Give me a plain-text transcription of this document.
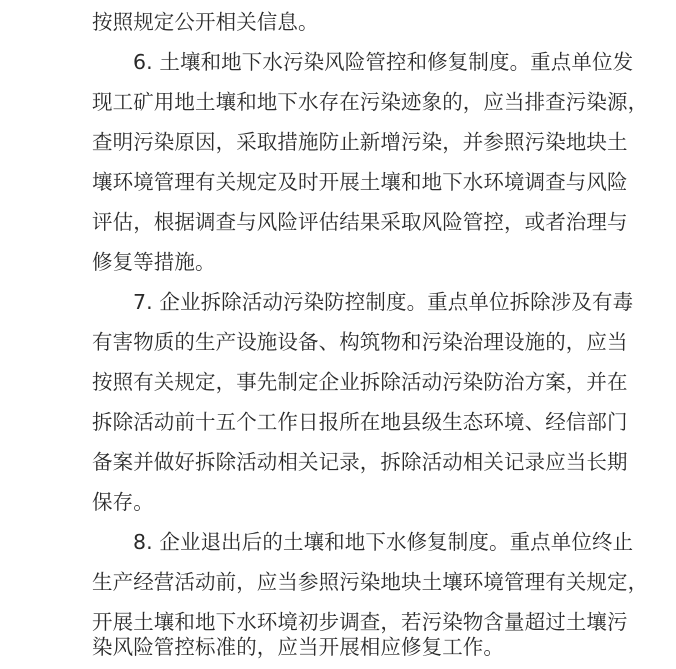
按照规定公开相关信息。
6. 土壤和地下水污染风险管控和修复制度。重点单位发
现工矿用地土壤和地下水存在污染迹象的，应当排查污染源，
查明污染原因，采取措施防止新增污染，并参照污染地块土
壤环境管理有关规定及时开展土壤和地下水环境调查与风险
评估，根据调查与风险评估结果采取风险管控，或者治理与
修复等措施。
7. 企业拆除活动污染防控制度。重点单位拆除涉及有毒
有害物质的生产设施设备、构筑物和污染治理设施的，应当
按照有关规定，事先制定企业拆除活动污染防治方案，并在
拆除活动前十五个工作日报所在地县级生态环境、经信部门
备案并做好拆除活动相关记录，拆除活动相关记录应当长期
保存。
8. 企业退出后的土壤和地下水修复制度。重点单位终止
生产经营活动前，应当参照污染地块土壤环境管理有关规定，
开展土壤和地下水环境初步调查，若污染物含量超过土壤污
染风险管控标准的，应当开展相应修复工作。
